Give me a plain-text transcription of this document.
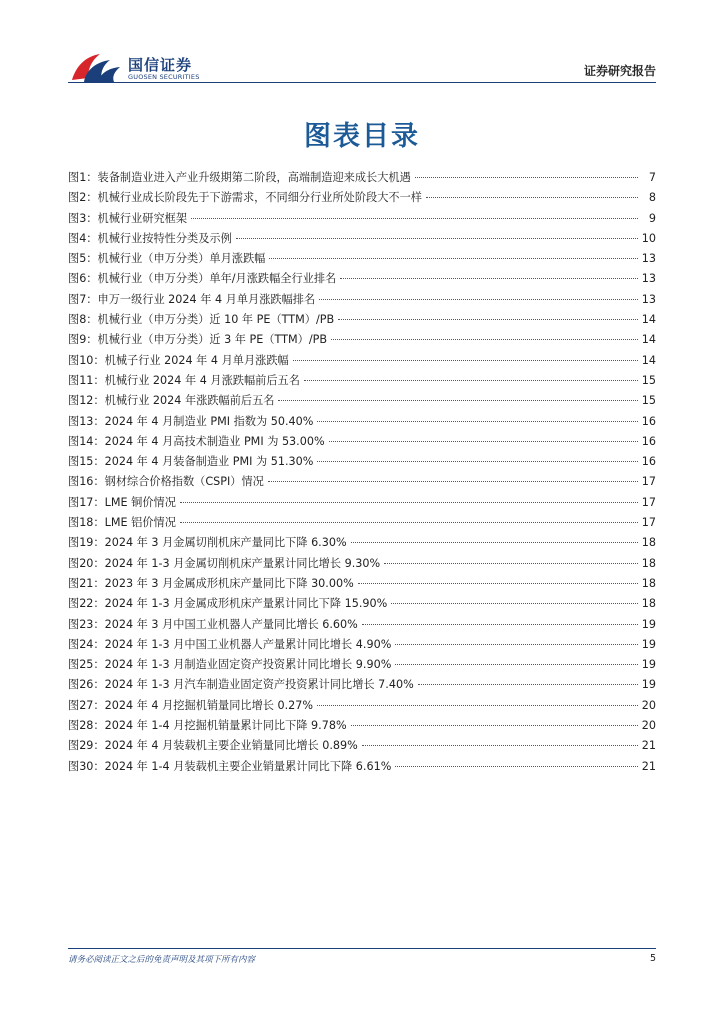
国信证券
GUOSEN SECURITIES	证券研究报告
图表目录
图1： 装备制造业进入产业升级期第二阶段，高端制造迎来成长大机遇	7
图2： 机械行业成长阶段先于下游需求，不同细分行业所处阶段大不一样	8
图3： 机械行业研究框架	9
图4： 机械行业按特性分类及示例	10
图5： 机械行业（申万分类）单月涨跌幅	13
图6： 机械行业（申万分类）单年/月涨跌幅全行业排名	13
图7： 申万一级行业 2024 年 4 月单月涨跌幅排名	13
图8： 机械行业（申万分类）近 10 年 PE（TTM）/PB	14
图9： 机械行业（申万分类）近 3 年 PE（TTM）/PB	14
图10： 机械子行业 2024 年 4 月单月涨跌幅	14
图11： 机械行业 2024 年 4 月涨跌幅前后五名	15
图12： 机械行业 2024 年涨跌幅前后五名	15
图13： 2024 年 4 月制造业 PMI 指数为 50.40%	16
图14： 2024 年 4 月高技术制造业 PMI 为 53.00%	16
图15： 2024 年 4 月装备制造业 PMI 为 51.30%	16
图16： 钢材综合价格指数（CSPI）情况	17
图17： LME 铜价情况	17
图18： LME 铝价情况	17
图19： 2024 年 3 月金属切削机床产量同比下降 6.30%	18
图20： 2024 年 1-3 月金属切削机床产量累计同比增长 9.30%	18
图21： 2023 年 3 月金属成形机床产量同比下降 30.00%	18
图22： 2024 年 1-3 月金属成形机床产量累计同比下降 15.90%	18
图23： 2024 年 3 月中国工业机器人产量同比增长 6.60%	19
图24： 2024 年 1-3 月中国工业机器人产量累计同比增长 4.90%	19
图25： 2024 年 1-3 月制造业固定资产投资累计同比增长 9.90%	19
图26： 2024 年 1-3 月汽车制造业固定资产投资累计同比增长 7.40%	19
图27： 2024 年 4 月挖掘机销量同比增长 0.27%	20
图28： 2024 年 1-4 月挖掘机销量累计同比下降 9.78%	20
图29： 2024 年 4 月装载机主要企业销量同比增长 0.89%	21
图30： 2024 年 1-4 月装载机主要企业销量累计同比下降 6.61%	21
请务必阅读正文之后的免责声明及其项下所有内容	5
